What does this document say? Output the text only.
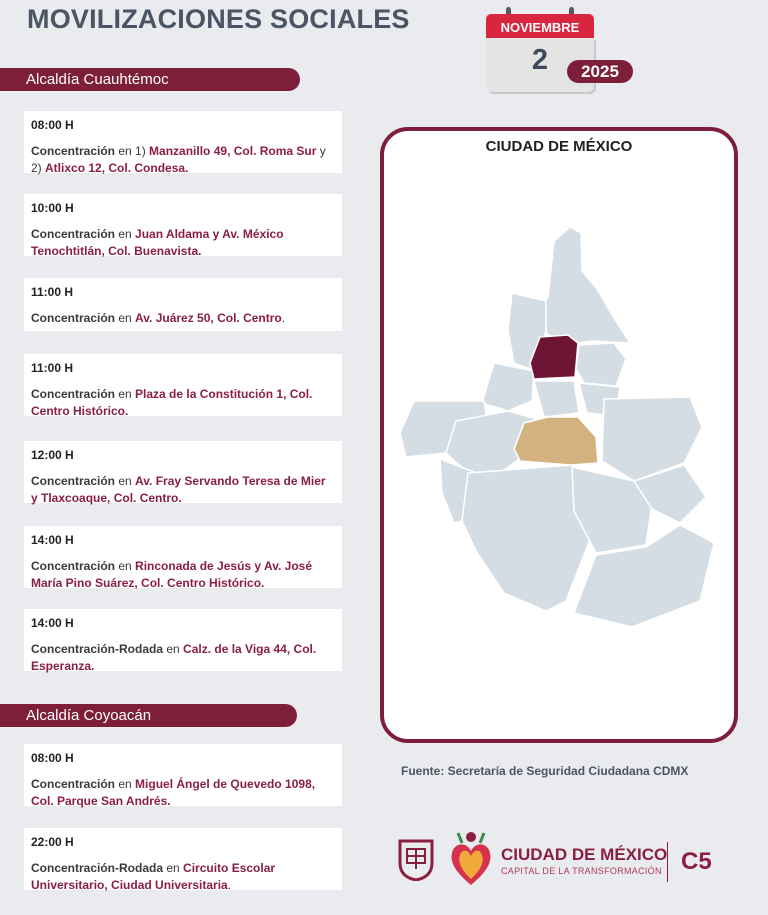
MOVILIZACIONES SOCIALES	NOVIEMBRE
2	2025
Alcaldía Cuauhtémoc
08:00 H
Concentración en 1) Manzanillo 49, Col. Roma Sur y 2) Atlixco 12, Col. Condesa.
10:00 H
Concentración en Juan Aldama y Av. México Tenochtitlán, Col. Buenavista.
11:00 H
Concentración en Av. Juárez 50, Col. Centro.
11:00 H
Concentración en Plaza de la Constitución 1, Col. Centro Histórico.
12:00 H
Concentración en Av. Fray Servando Teresa de Mier y Tlaxcoaque, Col. Centro.
14:00 H
Concentración en Rinconada de Jesús y Av. José María Pino Suárez, Col. Centro Histórico.
14:00 H
Concentración-Rodada en Calz. de la Viga 44, Col. Esperanza.
Alcaldía Coyoacán
08:00 H
Concentración en Miguel Ángel de Quevedo 1098, Col. Parque San Andrés.
22:00 H
Concentración-Rodada en Circuito Escolar Universitario, Ciudad Universitaria.
CIUDAD DE MÉXICO
Fuente: Secretaría de Seguridad Ciudadana CDMX
CIUDAD DE MÉXICO
CAPITAL DE LA TRANSFORMACIÓN C5
